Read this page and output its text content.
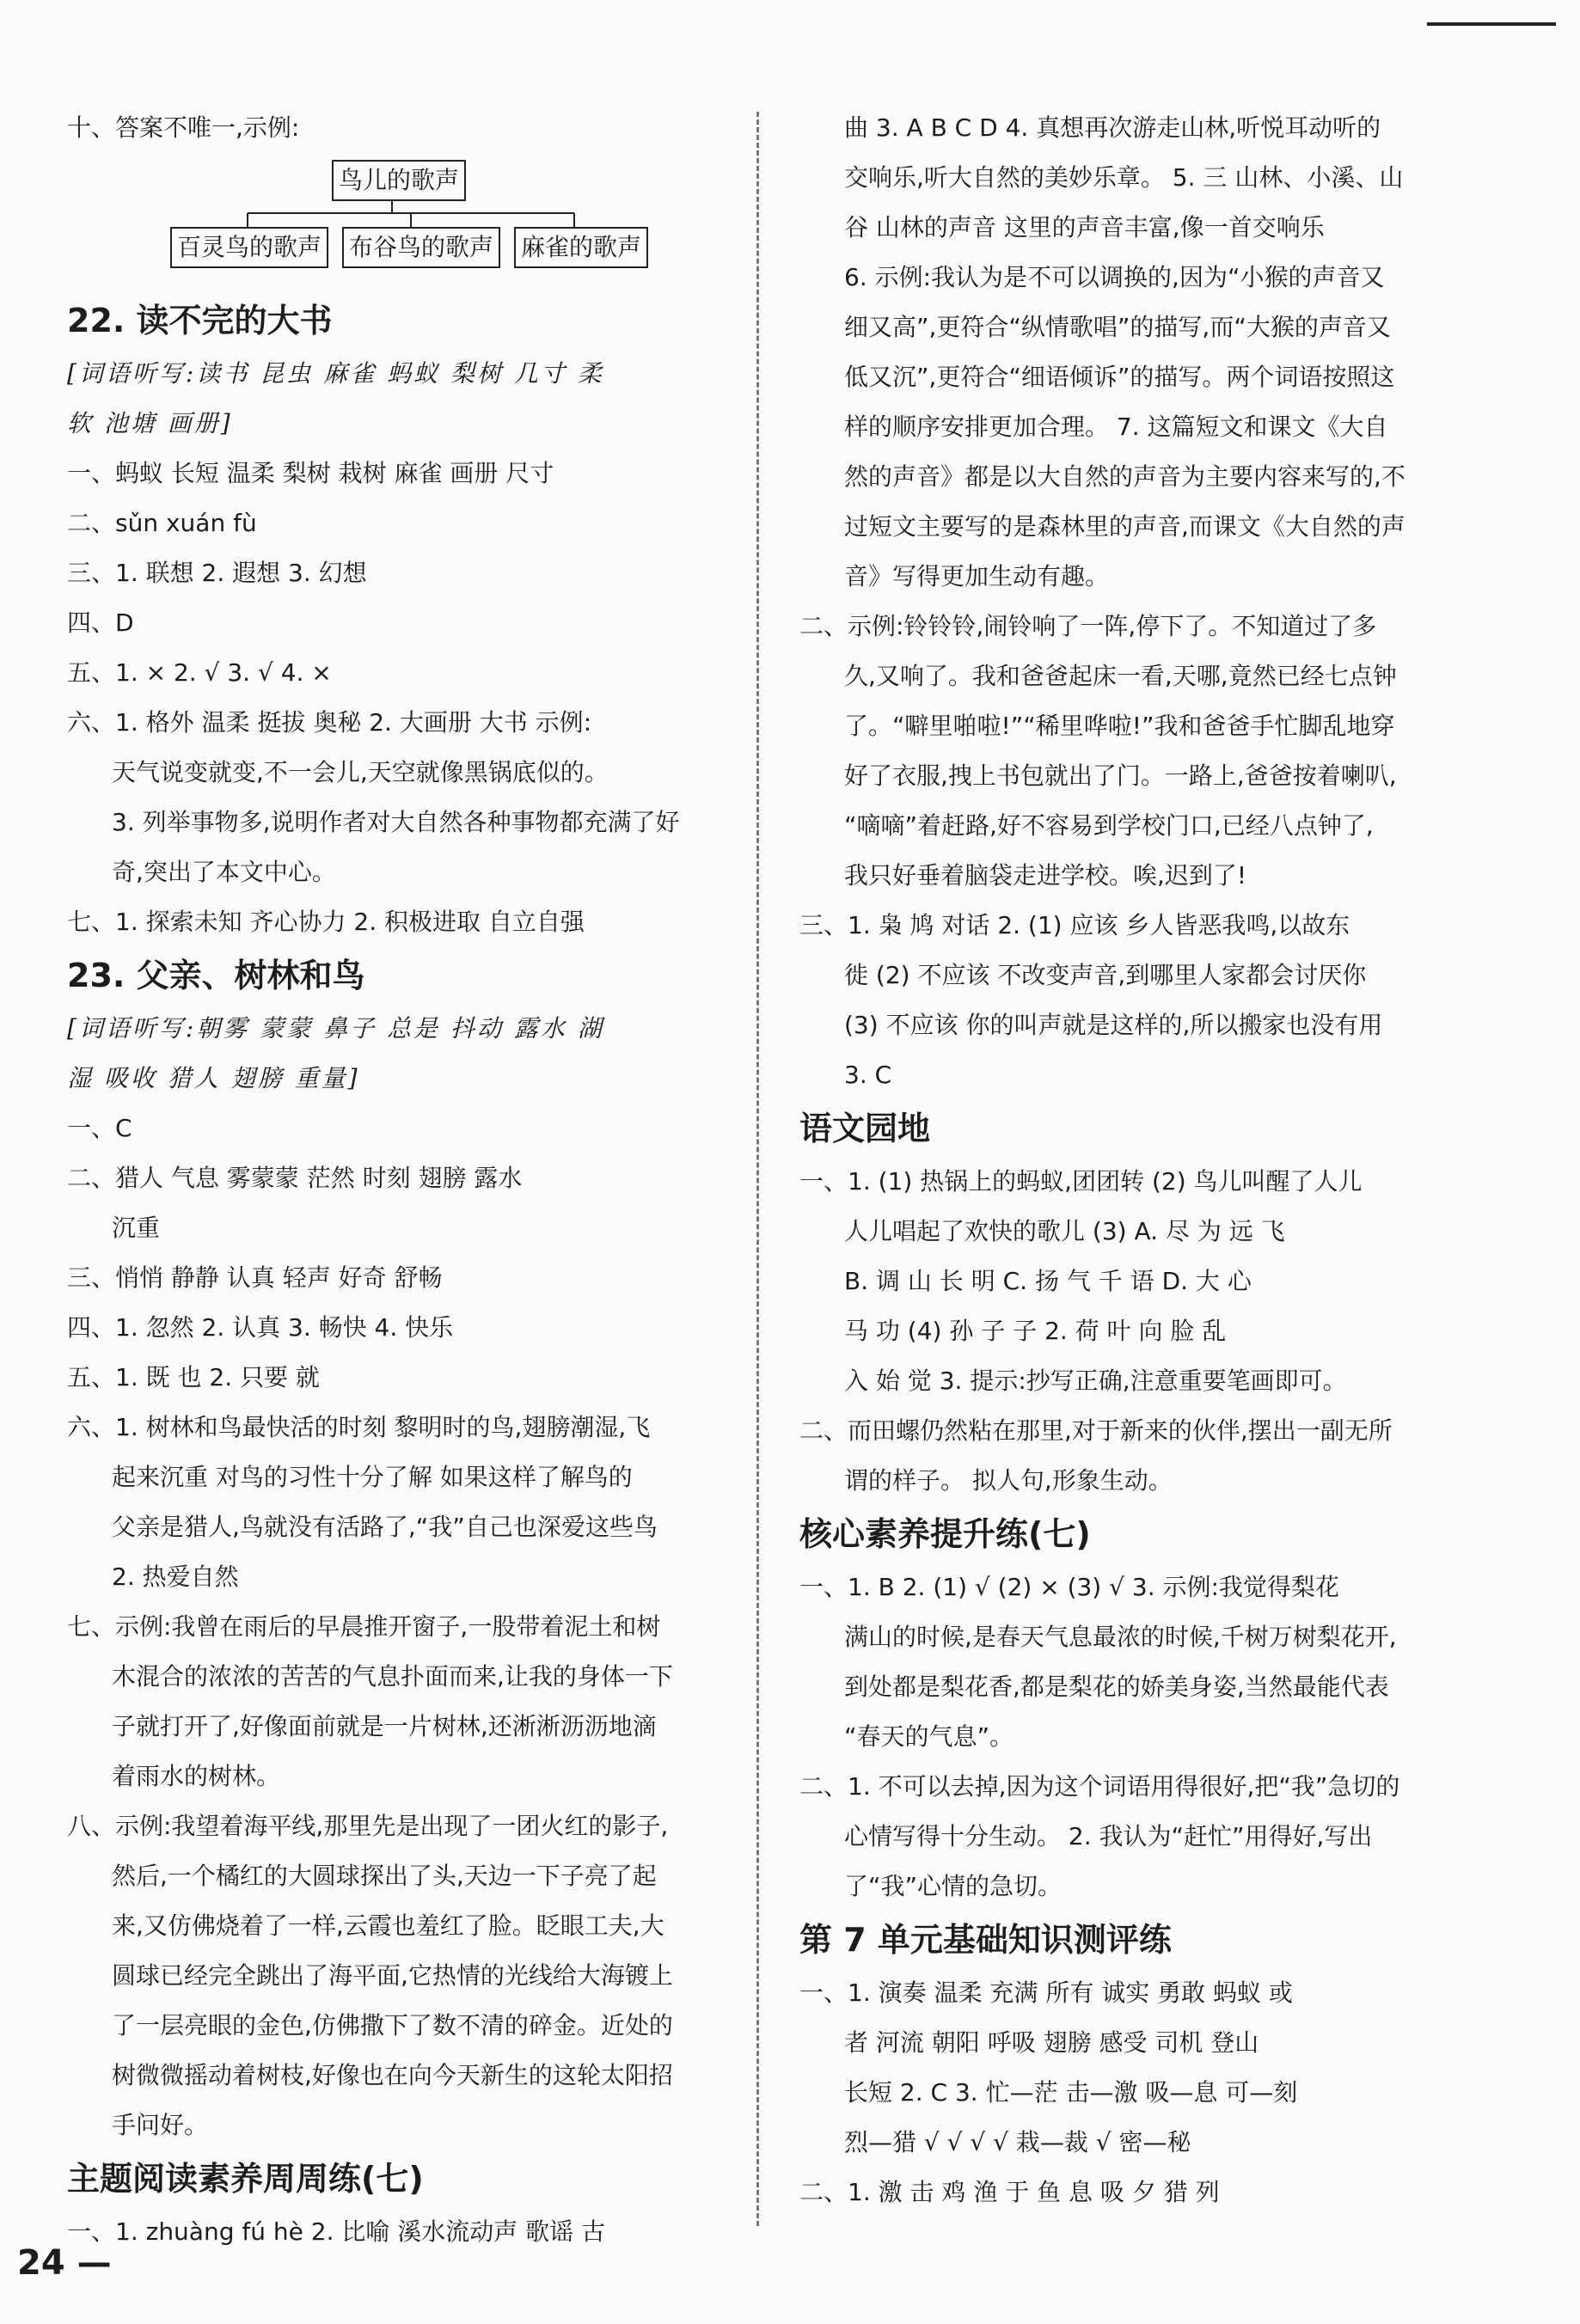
十、答案不唯一,示例:
鸟儿的歌声
百灵鸟的歌声 布谷鸟的歌声 麻雀的歌声
22. 读不完的大书
[词语听写:读书 昆虫 麻雀 蚂蚁 梨树 几寸 柔
软 池塘 画册]
一、蚂蚁 长短 温柔 梨树 栽树 麻雀 画册 尺寸
二、sǔn xuán fù
三、1. 联想 2. 遐想 3. 幻想
四、D
五、1. × 2. √ 3. √ 4. ×
六、1. 格外 温柔 挺拔 奥秘 2. 大画册 大书 示例:
天气说变就变,不一会儿,天空就像黑锅底似的。
3. 列举事物多,说明作者对大自然各种事物都充满了好
奇,突出了本文中心。
七、1. 探索未知 齐心协力 2. 积极进取 自立自强
23. 父亲、树林和鸟
[词语听写:朝雾 蒙蒙 鼻子 总是 抖动 露水 湖
湿 吸收 猎人 翅膀 重量]
一、C
二、猎人 气息 雾蒙蒙 茫然 时刻 翅膀 露水
沉重
三、悄悄 静静 认真 轻声 好奇 舒畅
四、1. 忽然 2. 认真 3. 畅快 4. 快乐
五、1. 既 也 2. 只要 就
六、1. 树林和鸟最快活的时刻 黎明时的鸟,翅膀潮湿,飞
起来沉重 对鸟的习性十分了解 如果这样了解鸟的
父亲是猎人,鸟就没有活路了,“我”自己也深爱这些鸟
2. 热爱自然
七、示例:我曾在雨后的早晨推开窗子,一股带着泥土和树
木混合的浓浓的苦苦的气息扑面而来,让我的身体一下
子就打开了,好像面前就是一片树林,还淅淅沥沥地滴
着雨水的树林。
八、示例:我望着海平线,那里先是出现了一团火红的影子,
然后,一个橘红的大圆球探出了头,天边一下子亮了起
来,又仿佛烧着了一样,云霞也羞红了脸。眨眼工夫,大
圆球已经完全跳出了海平面,它热情的光线给大海镀上
了一层亮眼的金色,仿佛撒下了数不清的碎金。近处的
树微微摇动着树枝,好像也在向今天新生的这轮太阳招
手问好。
主题阅读素养周周练(七)
一、1. zhuàng fú hè 2. 比喻 溪水流动声 歌谣 古
曲 3. A B C D 4. 真想再次游走山林,听悦耳动听的
交响乐,听大自然的美妙乐章。 5. 三 山林、小溪、山
谷 山林的声音 这里的声音丰富,像一首交响乐
6. 示例:我认为是不可以调换的,因为“小猴的声音又
细又高”,更符合“纵情歌唱”的描写,而“大猴的声音又
低又沉”,更符合“细语倾诉”的描写。两个词语按照这
样的顺序安排更加合理。 7. 这篇短文和课文《大自
然的声音》都是以大自然的声音为主要内容来写的,不
过短文主要写的是森林里的声音,而课文《大自然的声
音》写得更加生动有趣。
二、示例:铃铃铃,闹铃响了一阵,停下了。不知道过了多
久,又响了。我和爸爸起床一看,天哪,竟然已经七点钟
了。“噼里啪啦!”“稀里哗啦!”我和爸爸手忙脚乱地穿
好了衣服,拽上书包就出了门。一路上,爸爸按着喇叭,
“嘀嘀”着赶路,好不容易到学校门口,已经八点钟了,
我只好垂着脑袋走进学校。唉,迟到了!
三、1. 枭 鸠 对话 2. (1) 应该 乡人皆恶我鸣,以故东
徙 (2) 不应该 不改变声音,到哪里人家都会讨厌你
(3) 不应该 你的叫声就是这样的,所以搬家也没有用
3. C
语文园地
一、1. (1) 热锅上的蚂蚁,团团转 (2) 鸟儿叫醒了人儿
人儿唱起了欢快的歌儿 (3) A. 尽 为 远 飞
B. 调 山 长 明 C. 扬 气 千 语 D. 大 心
马 功 (4) 孙 子 子 2. 荷 叶 向 脸 乱
入 始 觉 3. 提示:抄写正确,注意重要笔画即可。
二、而田螺仍然粘在那里,对于新来的伙伴,摆出一副无所
谓的样子。 拟人句,形象生动。
核心素养提升练(七)
一、1. B 2. (1) √ (2) × (3) √ 3. 示例:我觉得梨花
满山的时候,是春天气息最浓的时候,千树万树梨花开,
到处都是梨花香,都是梨花的娇美身姿,当然最能代表
“春天的气息”。
二、1. 不可以去掉,因为这个词语用得很好,把“我”急切的
心情写得十分生动。 2. 我认为“赶忙”用得好,写出
了“我”心情的急切。
第 7 单元基础知识测评练
一、1. 演奏 温柔 充满 所有 诚实 勇敢 蚂蚁 或
者 河流 朝阳 呼吸 翅膀 感受 司机 登山
长短 2. C 3. 忙—茫 击—激 吸—息 可—刻
烈—猎 √ √ √ √ 栽—裁 √ 密—秘
二、1. 激 击 鸡 渔 于 鱼 息 吸 夕 猎 列
24 —
